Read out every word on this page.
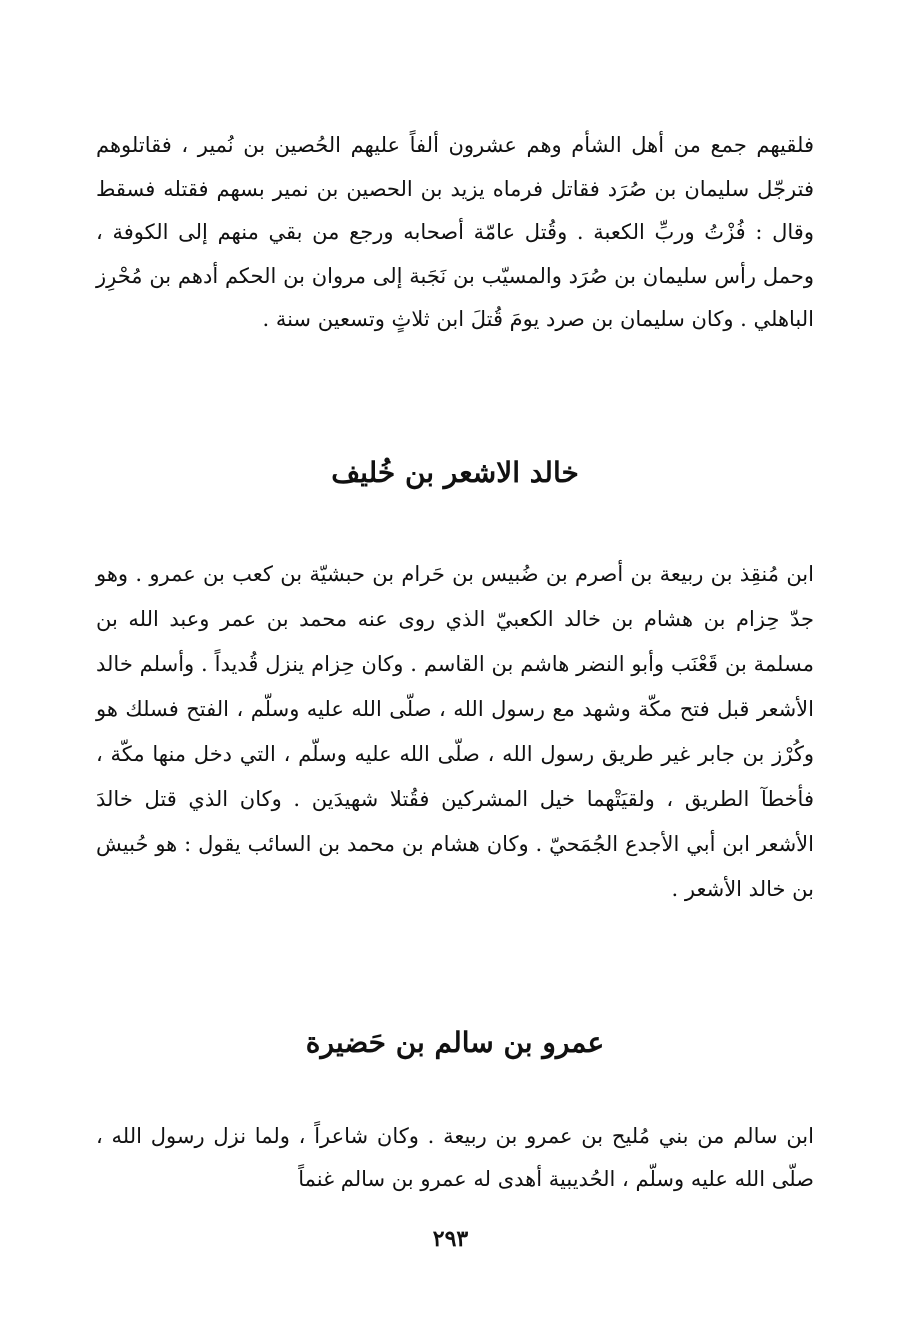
فلقيهم جمع من أهل الشأم وهم عشرون ألفاً عليهم الحُصين بن نُمير ، فقاتلوهم فترجّل سليمان بن صُرَد فقاتل فرماه يزيد بن الحصين بن نمير بسهم فقتله فسقط وقال : فُزْتُ وربِّ الكعبة . وقُتل عامّة أصحابه ورجع من بقي منهم إلى الكوفة ، وحمل رأس سليمان بن صُرَد والمسيّب بن نَجَبة إلى مروان بن الحكم أدهم بن مُحْرِز الباهلي . وكان سليمان بن صرد يومَ قُتلَ ابن ثلاثٍ وتسعين سنة .

خالد الاشعر بن خُليف

ابن مُنقِذ بن ربيعة بن أصرم بن ضُبيس بن حَرام بن حبشيّة بن كعب بن عمرو . وهو جدّ حِزام بن هشام بن خالد الكعبيّ الذي روى عنه محمد بن عمر وعبد الله بن مسلمة بن قَعْنَب وأبو النضر هاشم بن القاسم . وكان حِزام ينزل قُديداً . وأسلم خالد الأشعر قبل فتح مكّة وشهد مع رسول الله ، صلّى الله عليه وسلّم ، الفتح فسلك هو وكُرْز بن جابر غير طريق رسول الله ، صلّى الله عليه وسلّم ، التي دخل منها مكّة ، فأخطآ الطريق ، ولقيَتْهما خيل المشركين فقُتلا شهيدَين . وكان الذي قتل خالدَ الأشعر ابن أبي الأجدع الجُمَحيّ . وكان هشام بن محمد بن السائب يقول : هو حُبيش بن خالد الأشعر .

عمرو بن سالم بن حَضيرة

ابن سالم من بني مُليح بن عمرو بن ربيعة . وكان شاعراً ، ولما نزل رسول الله ، صلّى الله عليه وسلّم ، الحُديبية أهدى له عمرو بن سالم غنماً

٢٩٣
